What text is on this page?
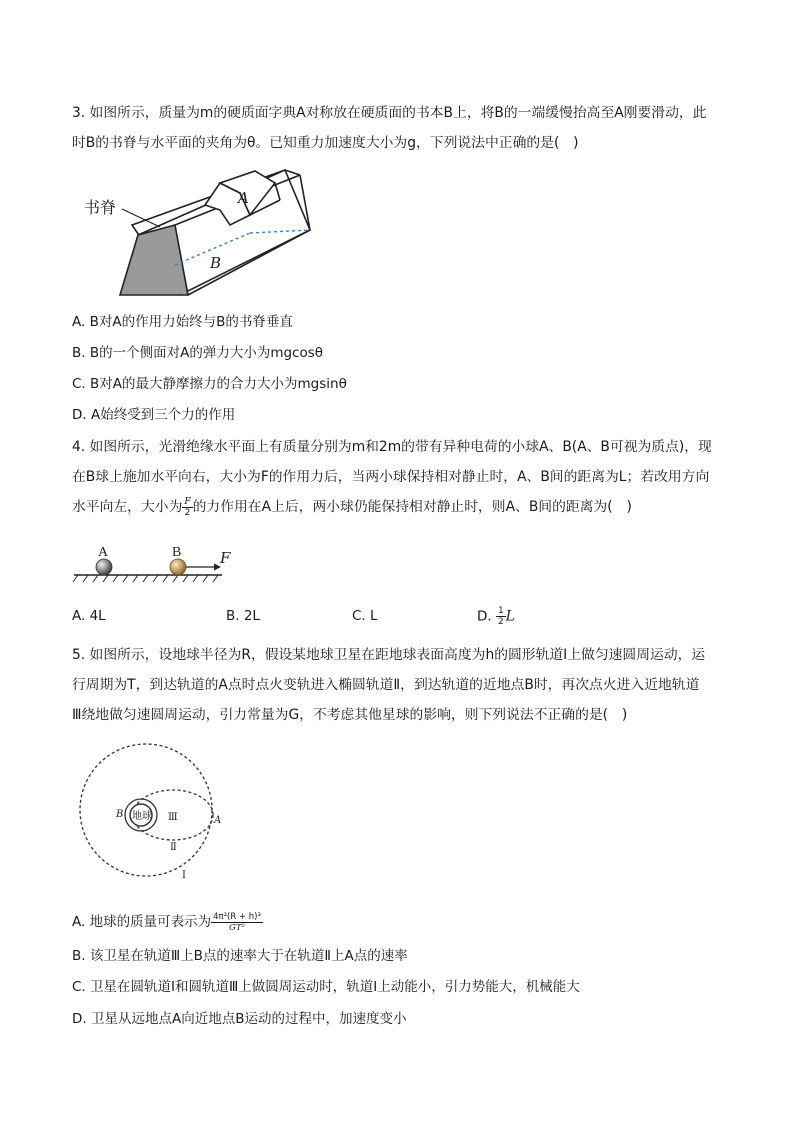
3. 如图所示，质量为m的硬质面字典A对称放在硬质面的书本B上，将B的一端缓慢抬高至A刚要滑动，此
时B的书脊与水平面的夹角为θ。已知重力加速度大小为g，下列说法中正确的是(　)
书脊	A
B
A. B对A的作用力始终与B的书脊垂直
B. B的一个侧面对A的弹力大小为mgcosθ
C. B对A的最大静摩擦力的合力大小为mgsinθ
D. A始终受到三个力的作用
4. 如图所示，光滑绝缘水平面上有质量分别为m和2m的带有异种电荷的小球A、B(A、B可视为质点)，现
在B球上施加水平向右，大小为F的作用力后，当两小球保持相对静止时，A、B间的距离为L；若改用方向
水平向左，大小为 $\frac{F}{2}$ 的力作用在A上后，两小球仍能保持相对静止时，则A、B间的距离为(　)
A	B	F
A. 4L	B. 2L	C. L	D. $\frac{1}{2}$ L
5. 如图所示，设地球半径为R，假设某地球卫星在距地球表面高度为h的圆形轨道Ⅰ上做匀速圆周运动，运
行周期为T，到达轨道的A点时点火变轨进入椭圆轨道Ⅱ，到达轨道的近地点B时，再次点火进入近地轨道
Ⅲ绕地做匀速圆周运动，引力常量为G，不考虑其他星球的影响，则下列说法不正确的是(　)
地球
B
A
Ⅲ
Ⅱ
I
A. 地球的质量可表示为 $\frac{\text{4π²(R + h)³}}{\text{GT²}}$
B. 该卫星在轨道Ⅲ上B点的速率大于在轨道Ⅱ上A点的速率
C. 卫星在圆轨道I和圆轨道Ⅲ上做圆周运动时，轨道I上动能小，引力势能大，机械能大
D. 卫星从远地点A向近地点B运动的过程中，加速度变小
